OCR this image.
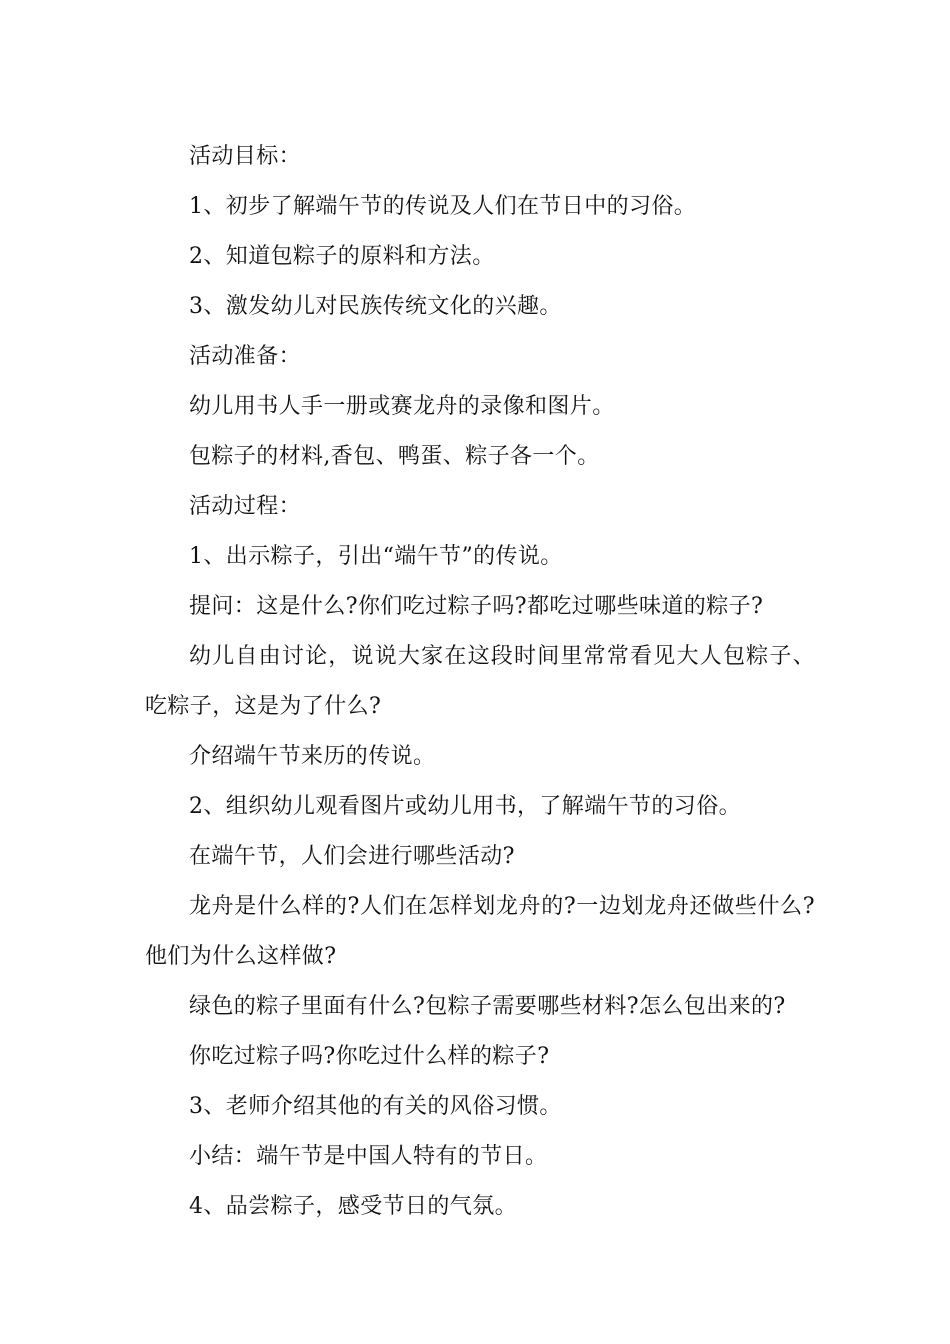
活动目标：

1、初步了解端午节的传说及人们在节日中的习俗。

2、知道包粽子的原料和方法。

3、激发幼儿对民族传统文化的兴趣。

活动准备：

幼儿用书人手一册或赛龙舟的录像和图片。

包粽子的材料,香包、鸭蛋、粽子各一个。

活动过程：

1、出示粽子，引出“端午节”的传说。

提问：这是什么?你们吃过粽子吗?都吃过哪些味道的粽子?

幼儿自由讨论，说说大家在这段时间里常常看见大人包粽子、吃粽子，这是为了什么?

介绍端午节来历的传说。

2、组织幼儿观看图片或幼儿用书，了解端午节的习俗。

在端午节，人们会进行哪些活动?

龙舟是什么样的?人们在怎样划龙舟的?一边划龙舟还做些什么?他们为什么这样做?

绿色的粽子里面有什么?包粽子需要哪些材料?怎么包出来的?

你吃过粽子吗?你吃过什么样的粽子?

3、老师介绍其他的有关的风俗习惯。

小结：端午节是中国人特有的节日。

4、品尝粽子，感受节日的气氛。
